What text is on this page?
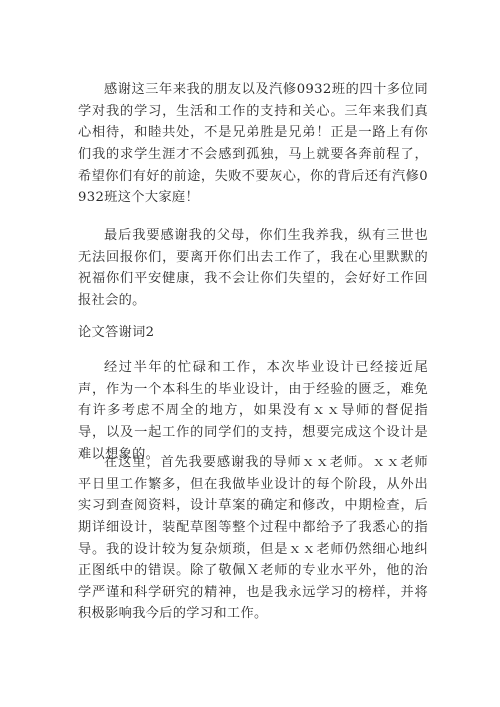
感谢这三年来我的朋友以及汽修0932班的四十多位同学对我的学习，生活和工作的支持和关心。三年来我们真心相待，和睦共处，不是兄弟胜是兄弟！正是一路上有你们我的求学生涯才不会感到孤独，马上就要各奔前程了，希望你们有好的前途，失败不要灰心，你的背后还有汽修0932班这个大家庭！

最后我要感谢我的父母，你们生我养我，纵有三世也无法回报你们，要离开你们出去工作了，我在心里默默的祝福你们平安健康，我不会让你们失望的，会好好工作回报社会的。

论文答谢词2

经过半年的忙碌和工作，本次毕业设计已经接近尾声，作为一个本科生的毕业设计，由于经验的匮乏，难免有许多考虑不周全的地方，如果没有ｘｘ导师的督促指导，以及一起工作的同学们的支持，想要完成这个设计是难以想象的。

在这里，首先我要感谢我的导师ｘｘ老师。ｘｘ老师平日里工作繁多，但在我做毕业设计的每个阶段，从外出实习到查阅资料，设计草案的确定和修改，中期检查，后期详细设计，装配草图等整个过程中都给予了我悉心的指导。我的设计较为复杂烦琐，但是ｘｘ老师仍然细心地纠正图纸中的错误。除了敬佩Ｘ老师的专业水平外，他的治学严谨和科学研究的精神，也是我永远学习的榜样，并将积极影响我今后的学习和工作。
